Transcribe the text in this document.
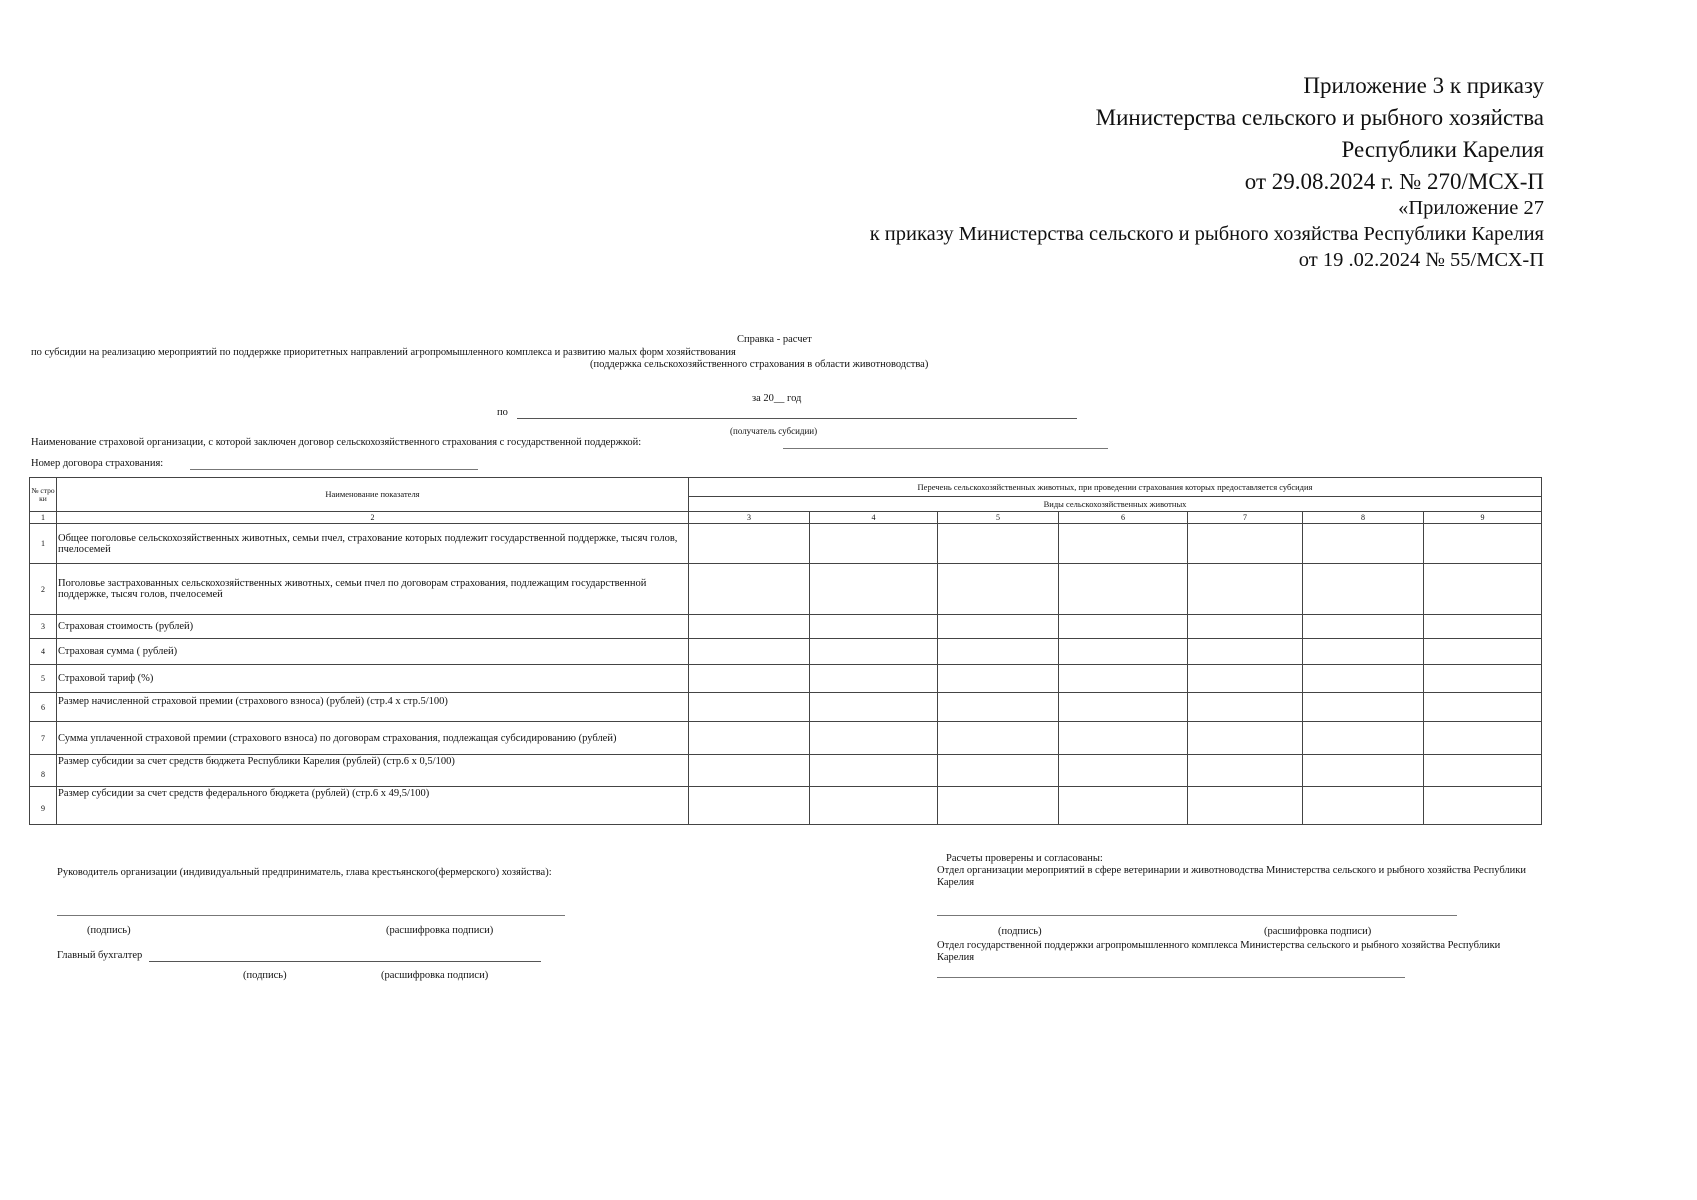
Приложение 3 к приказу
Министерства сельского и рыбного хозяйства
Республики Карелия
от 29.08.2024 г. № 270/МСХ-П
«Приложение 27
к приказу Министерства сельского и рыбного хозяйства Республики Карелия
от 19 .02.2024 № 55/МСХ-П
Справка - расчет
по субсидии на реализацию мероприятий по поддержке приоритетных направлений агропромышленного комплекса и развитию малых форм хозяйствования
(поддержка сельскохозяйственного страхования в области животноводства)
за 20__ год
по
(получатель субсидии)
Наименование страховой организации, с которой заключен договор сельскохозяйственного страхования с государственной поддержкой:
Номер договора страхования:
№ стро ки	Наименование показателя	Перечень сельскохозяйственных животных, при проведении страхования которых предоставляется субсидия						
		Виды сельскохозяйственных животных						
1	2	3	4	5	6	7	8	9
1	Общее поголовье сельскохозяйственных животных, семьи пчел, страхование которых подлежит государственной поддержке, тысяч голов, пчелосемей							
2	Поголовье застрахованных сельскохозяйственных животных, семьи пчел по договорам страхования, подлежащим государственной поддержке, тысяч голов, пчелосемей							
3	Страховая стоимость (рублей)							
4	Страховая сумма ( рублей)							
5	Страховой тариф (%)							
6	Размер начисленной страховой премии (страхового взноса) (рублей) (стр.4 х стр.5/100)							
7	Сумма уплаченной страховой премии (страхового взноса) по договорам страхования, подлежащая субсидированию (рублей)							
8	Размер субсидии за счет средств бюджета Республики Карелия (рублей) (стр.6 х 0,5/100)							
9	Размер субсидии за счет средств федерального бюджета (рублей) (стр.6 х 49,5/100)							
Руководитель организации (индивидуальный предприниматель, глава крестьянского(фермерского) хозяйства):
(подпись)	(расшифровка подписи)
Главный бухгалтер
(подпись)	(расшифровка подписи)
Расчеты проверены и согласованы:
Отдел организации мероприятий в сфере ветеринарии и животноводства Министерства сельского и рыбного хозяйства Республики Карелия
(подпись)	(расшифровка подписи)
Отдел государственной поддержки агропромышленного комплекса Министерства сельского и рыбного хозяйства Республики Карелия
